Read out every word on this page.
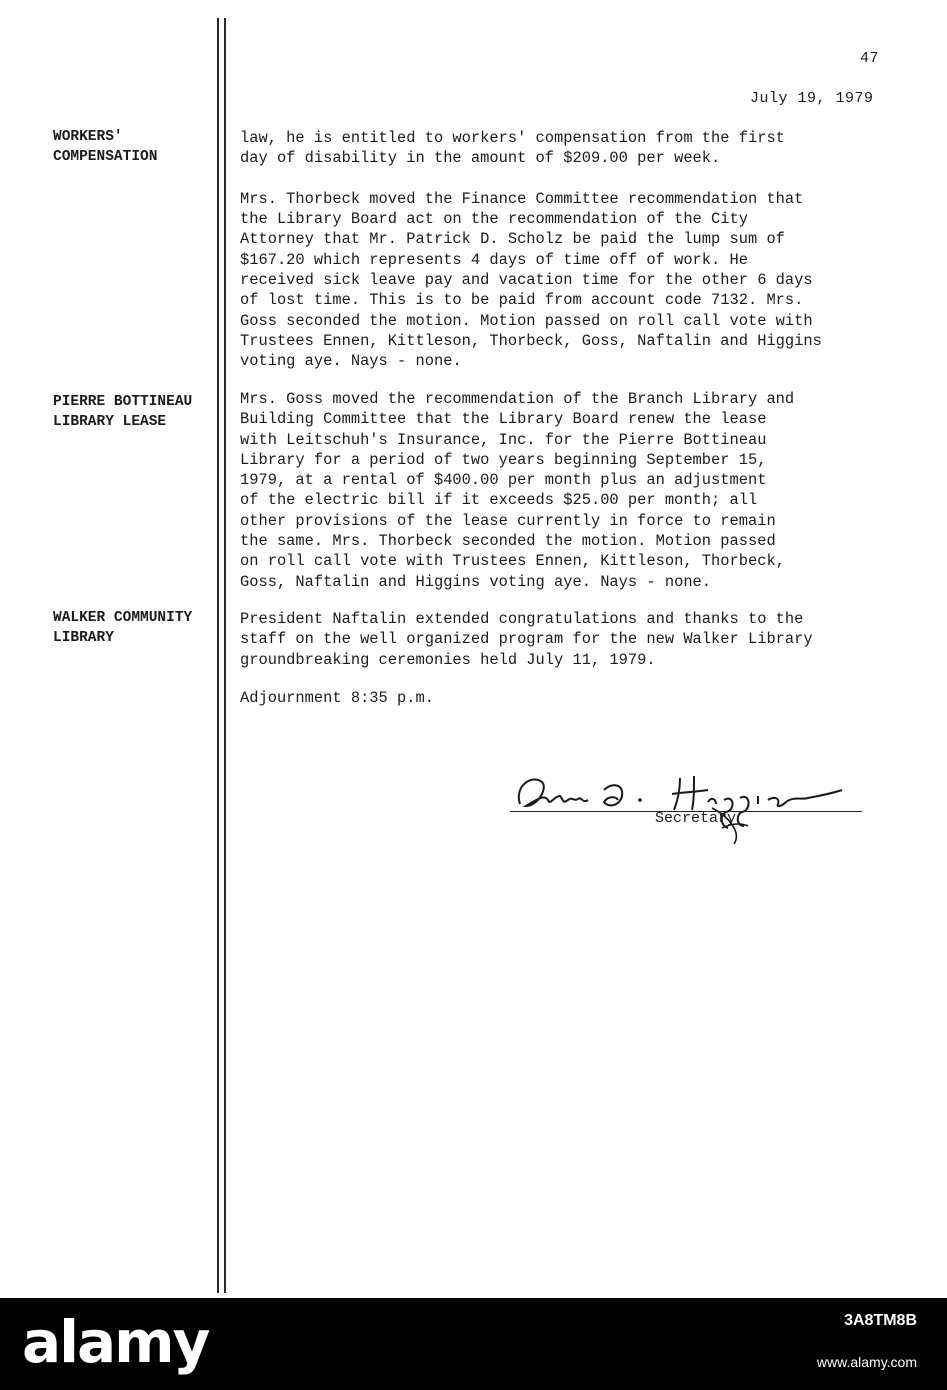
47
July 19, 1979
WORKERS'
COMPENSATION
law, he is entitled to workers' compensation from the first
day of disability in the amount of $209.00 per week.

Mrs. Thorbeck moved the Finance Committee recommendation that
the Library Board act on the recommendation of the City
Attorney that Mr. Patrick D. Scholz be paid the lump sum of
$167.20 which represents 4 days of time off of work. He
received sick leave pay and vacation time for the other 6 days
of lost time. This is to be paid from account code 7132. Mrs.
Goss seconded the motion. Motion passed on roll call vote with
Trustees Ennen, Kittleson, Thorbeck, Goss, Naftalin and Higgins
voting aye. Nays - none.
PIERRE BOTTINEAU
LIBRARY LEASE
Mrs. Goss moved the recommendation of the Branch Library and
Building Committee that the Library Board renew the lease
with Leitschuh's Insurance, Inc. for the Pierre Bottineau
Library for a period of two years beginning September 15,
1979, at a rental of $400.00 per month plus an adjustment
of the electric bill if it exceeds $25.00 per month; all
other provisions of the lease currently in force to remain
the same. Mrs. Thorbeck seconded the motion. Motion passed
on roll call vote with Trustees Ennen, Kittleson, Thorbeck,
Goss, Naftalin and Higgins voting aye. Nays - none.
WALKER COMMUNITY
LIBRARY
President Naftalin extended congratulations and thanks to the
staff on the well organized program for the new Walker Library
groundbreaking ceremonies held July 11, 1979.
Adjournment 8:35 p.m.
Secretary
alamy	3A8TM8B
www.alamy.com
